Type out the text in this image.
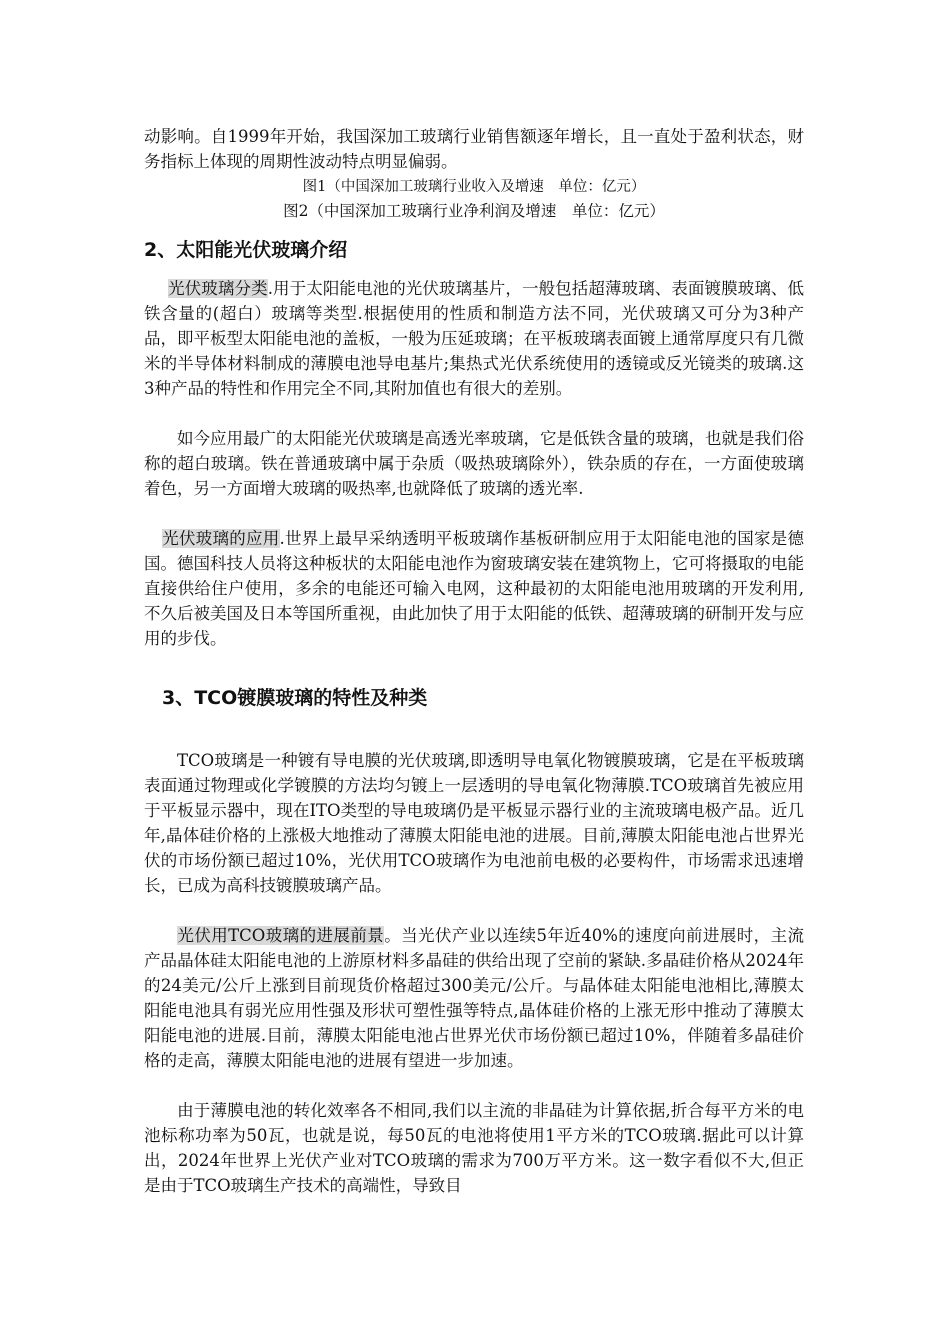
动影响。自1999年开始，我国深加工玻璃行业销售额逐年增长，且一直处于盈利状态，财务指标上体现的周期性波动特点明显偏弱。

图1（中国深加工玻璃行业收入及增速　单位：亿元）

图2（中国深加工玻璃行业净利润及增速　单位：亿元）

2、太阳能光伏玻璃介绍

光伏玻璃分类.用于太阳能电池的光伏玻璃基片，一般包括超薄玻璃、表面镀膜玻璃、低铁含量的(超白）玻璃等类型.根据使用的性质和制造方法不同，光伏玻璃又可分为3种产品，即平板型太阳能电池的盖板，一般为压延玻璃；在平板玻璃表面镀上通常厚度只有几微米的半导体材料制成的薄膜电池导电基片;集热式光伏系统使用的透镜或反光镜类的玻璃.这3种产品的特性和作用完全不同,其附加值也有很大的差别。

如今应用最广的太阳能光伏玻璃是高透光率玻璃，它是低铁含量的玻璃，也就是我们俗称的超白玻璃。铁在普通玻璃中属于杂质（吸热玻璃除外），铁杂质的存在，一方面使玻璃着色，另一方面增大玻璃的吸热率,也就降低了玻璃的透光率.

光伏玻璃的应用.世界上最早采纳透明平板玻璃作基板研制应用于太阳能电池的国家是德国。德国科技人员将这种板状的太阳能电池作为窗玻璃安装在建筑物上，它可将摄取的电能直接供给住户使用，多余的电能还可输入电网，这种最初的太阳能电池用玻璃的开发利用,不久后被美国及日本等国所重视，由此加快了用于太阳能的低铁、超薄玻璃的研制开发与应用的步伐。

3、TCO镀膜玻璃的特性及种类

TCO玻璃是一种镀有导电膜的光伏玻璃,即透明导电氧化物镀膜玻璃，它是在平板玻璃表面通过物理或化学镀膜的方法均匀镀上一层透明的导电氧化物薄膜.TCO玻璃首先被应用于平板显示器中，现在ITO类型的导电玻璃仍是平板显示器行业的主流玻璃电极产品。近几年,晶体硅价格的上涨极大地推动了薄膜太阳能电池的进展。目前,薄膜太阳能电池占世界光伏的市场份额已超过10%，光伏用TCO玻璃作为电池前电极的必要构件，市场需求迅速增长，已成为高科技镀膜玻璃产品。

光伏用TCO玻璃的进展前景。当光伏产业以连续5年近40%的速度向前进展时，主流产品晶体硅太阳能电池的上游原材料多晶硅的供给出现了空前的紧缺.多晶硅价格从2024年的24美元/公斤上涨到目前现货价格超过300美元/公斤。与晶体硅太阳能电池相比,薄膜太阳能电池具有弱光应用性强及形状可塑性强等特点,晶体硅价格的上涨无形中推动了薄膜太阳能电池的进展.目前，薄膜太阳能电池占世界光伏市场份额已超过10%，伴随着多晶硅价格的走高，薄膜太阳能电池的进展有望进一步加速。

由于薄膜电池的转化效率各不相同,我们以主流的非晶硅为计算依据,折合每平方米的电池标称功率为50瓦，也就是说，每50瓦的电池将使用1平方米的TCO玻璃.据此可以计算出，2024年世界上光伏产业对TCO玻璃的需求为700万平方米。这一数字看似不大,但正是由于TCO玻璃生产技术的高端性，导致目
